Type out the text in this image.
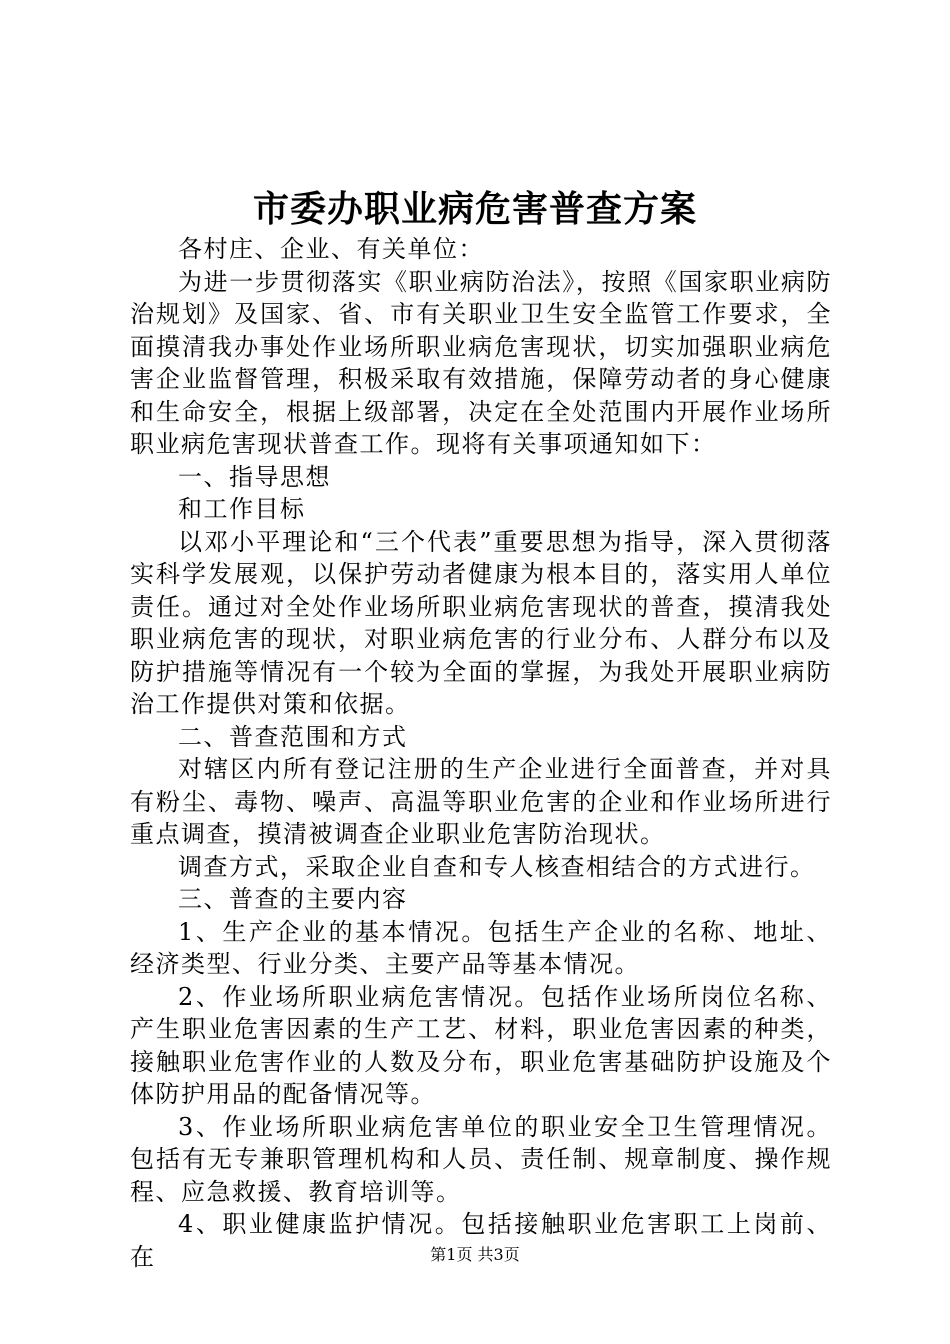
市委办职业病危害普查方案

各村庄、企业、有关单位：

为进一步贯彻落实《职业病防治法》，按照《国家职业病防治规划》及国家、省、市有关职业卫生安全监管工作要求，全面摸清我办事处作业场所职业病危害现状，切实加强职业病危害企业监督管理，积极采取有效措施，保障劳动者的身心健康和生命安全，根据上级部署，决定在全处范围内开展作业场所职业病危害现状普查工作。现将有关事项通知如下：

一、指导思想

和工作目标

以邓小平理论和“三个代表”重要思想为指导，深入贯彻落实科学发展观，以保护劳动者健康为根本目的，落实用人单位责任。通过对全处作业场所职业病危害现状的普查，摸清我处职业病危害的现状，对职业病危害的行业分布、人群分布以及防护措施等情况有一个较为全面的掌握，为我处开展职业病防治工作提供对策和依据。

二、普查范围和方式

对辖区内所有登记注册的生产企业进行全面普查，并对具有粉尘、毒物、噪声、高温等职业危害的企业和作业场所进行重点调查，摸清被调查企业职业危害防治现状。

调查方式，采取企业自查和专人核查相结合的方式进行。

三、普查的主要内容

1、生产企业的基本情况。包括生产企业的名称、地址、经济类型、行业分类、主要产品等基本情况。

2、作业场所职业病危害情况。包括作业场所岗位名称、产生职业危害因素的生产工艺、材料，职业危害因素的种类，接触职业危害作业的人数及分布，职业危害基础防护设施及个体防护用品的配备情况等。

3、作业场所职业病危害单位的职业安全卫生管理情况。包括有无专兼职管理机构和人员、责任制、规章制度、操作规程、应急救援、教育培训等。

4、职业健康监护情况。包括接触职业危害职工上岗前、在	第1页 共3页
